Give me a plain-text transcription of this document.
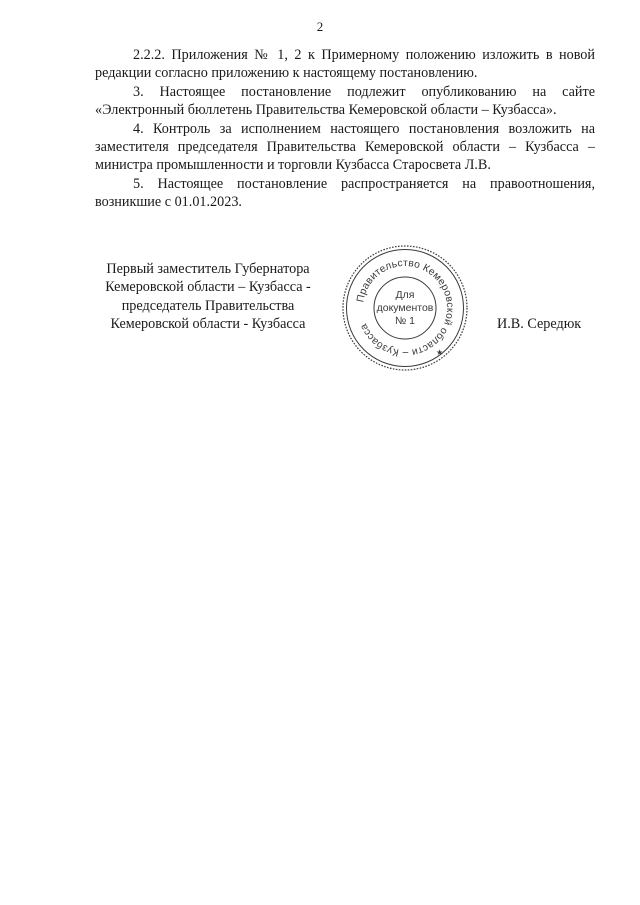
2

2.2.2. Приложения № 1, 2 к Примерному положению изложить в новой редакции согласно приложению к настоящему постановлению.

3. Настоящее постановление подлежит опубликованию на сайте «Электронный бюллетень Правительства Кемеровской области – Кузбасса».

4. Контроль за исполнением настоящего постановления возложить на заместителя председателя Правительства Кемеровской области – Кузбасса – министра промышленности и торговли Кузбасса Старосвета Л.В.

5. Настоящее постановление распространяется на правоотношения, возникшие с 01.01.2023.

Первый заместитель Губернатора
Кемеровской области – Кузбасса -
председатель Правительства
Кемеровской области - Кузбасса
Правительство Кемеровской области – Кузбасса
Для
документов
№ 1
★
И.В. Середюк
